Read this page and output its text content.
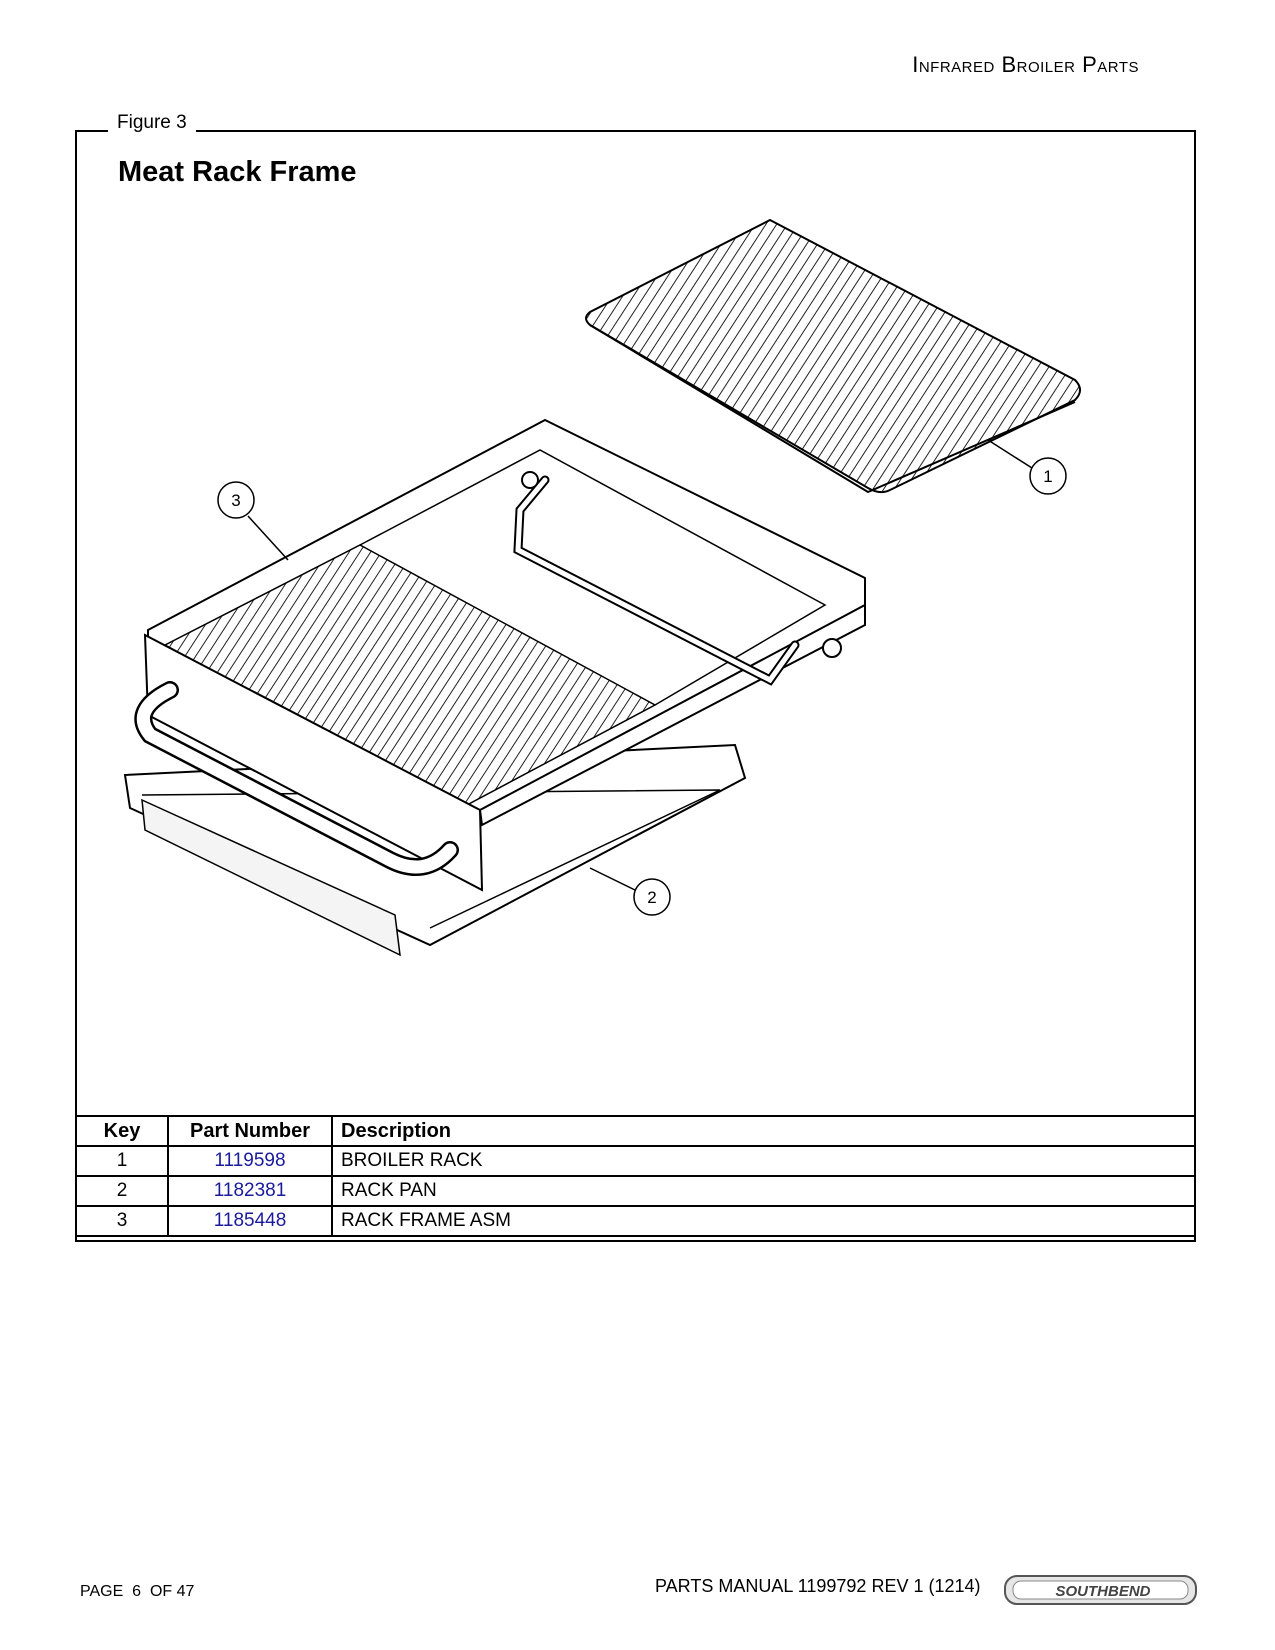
Infrared Broiler Parts
Figure 3
Meat Rack Frame
1
2
3
Key	Part Number	Description
1	1119598	BROILER RACK
2	1182381	RACK PAN
3	1185448	RACK FRAME ASM
PAGE  6  OF 47	PARTS MANUAL 1199792 REV 1 (1214)	SOUTHBEND
